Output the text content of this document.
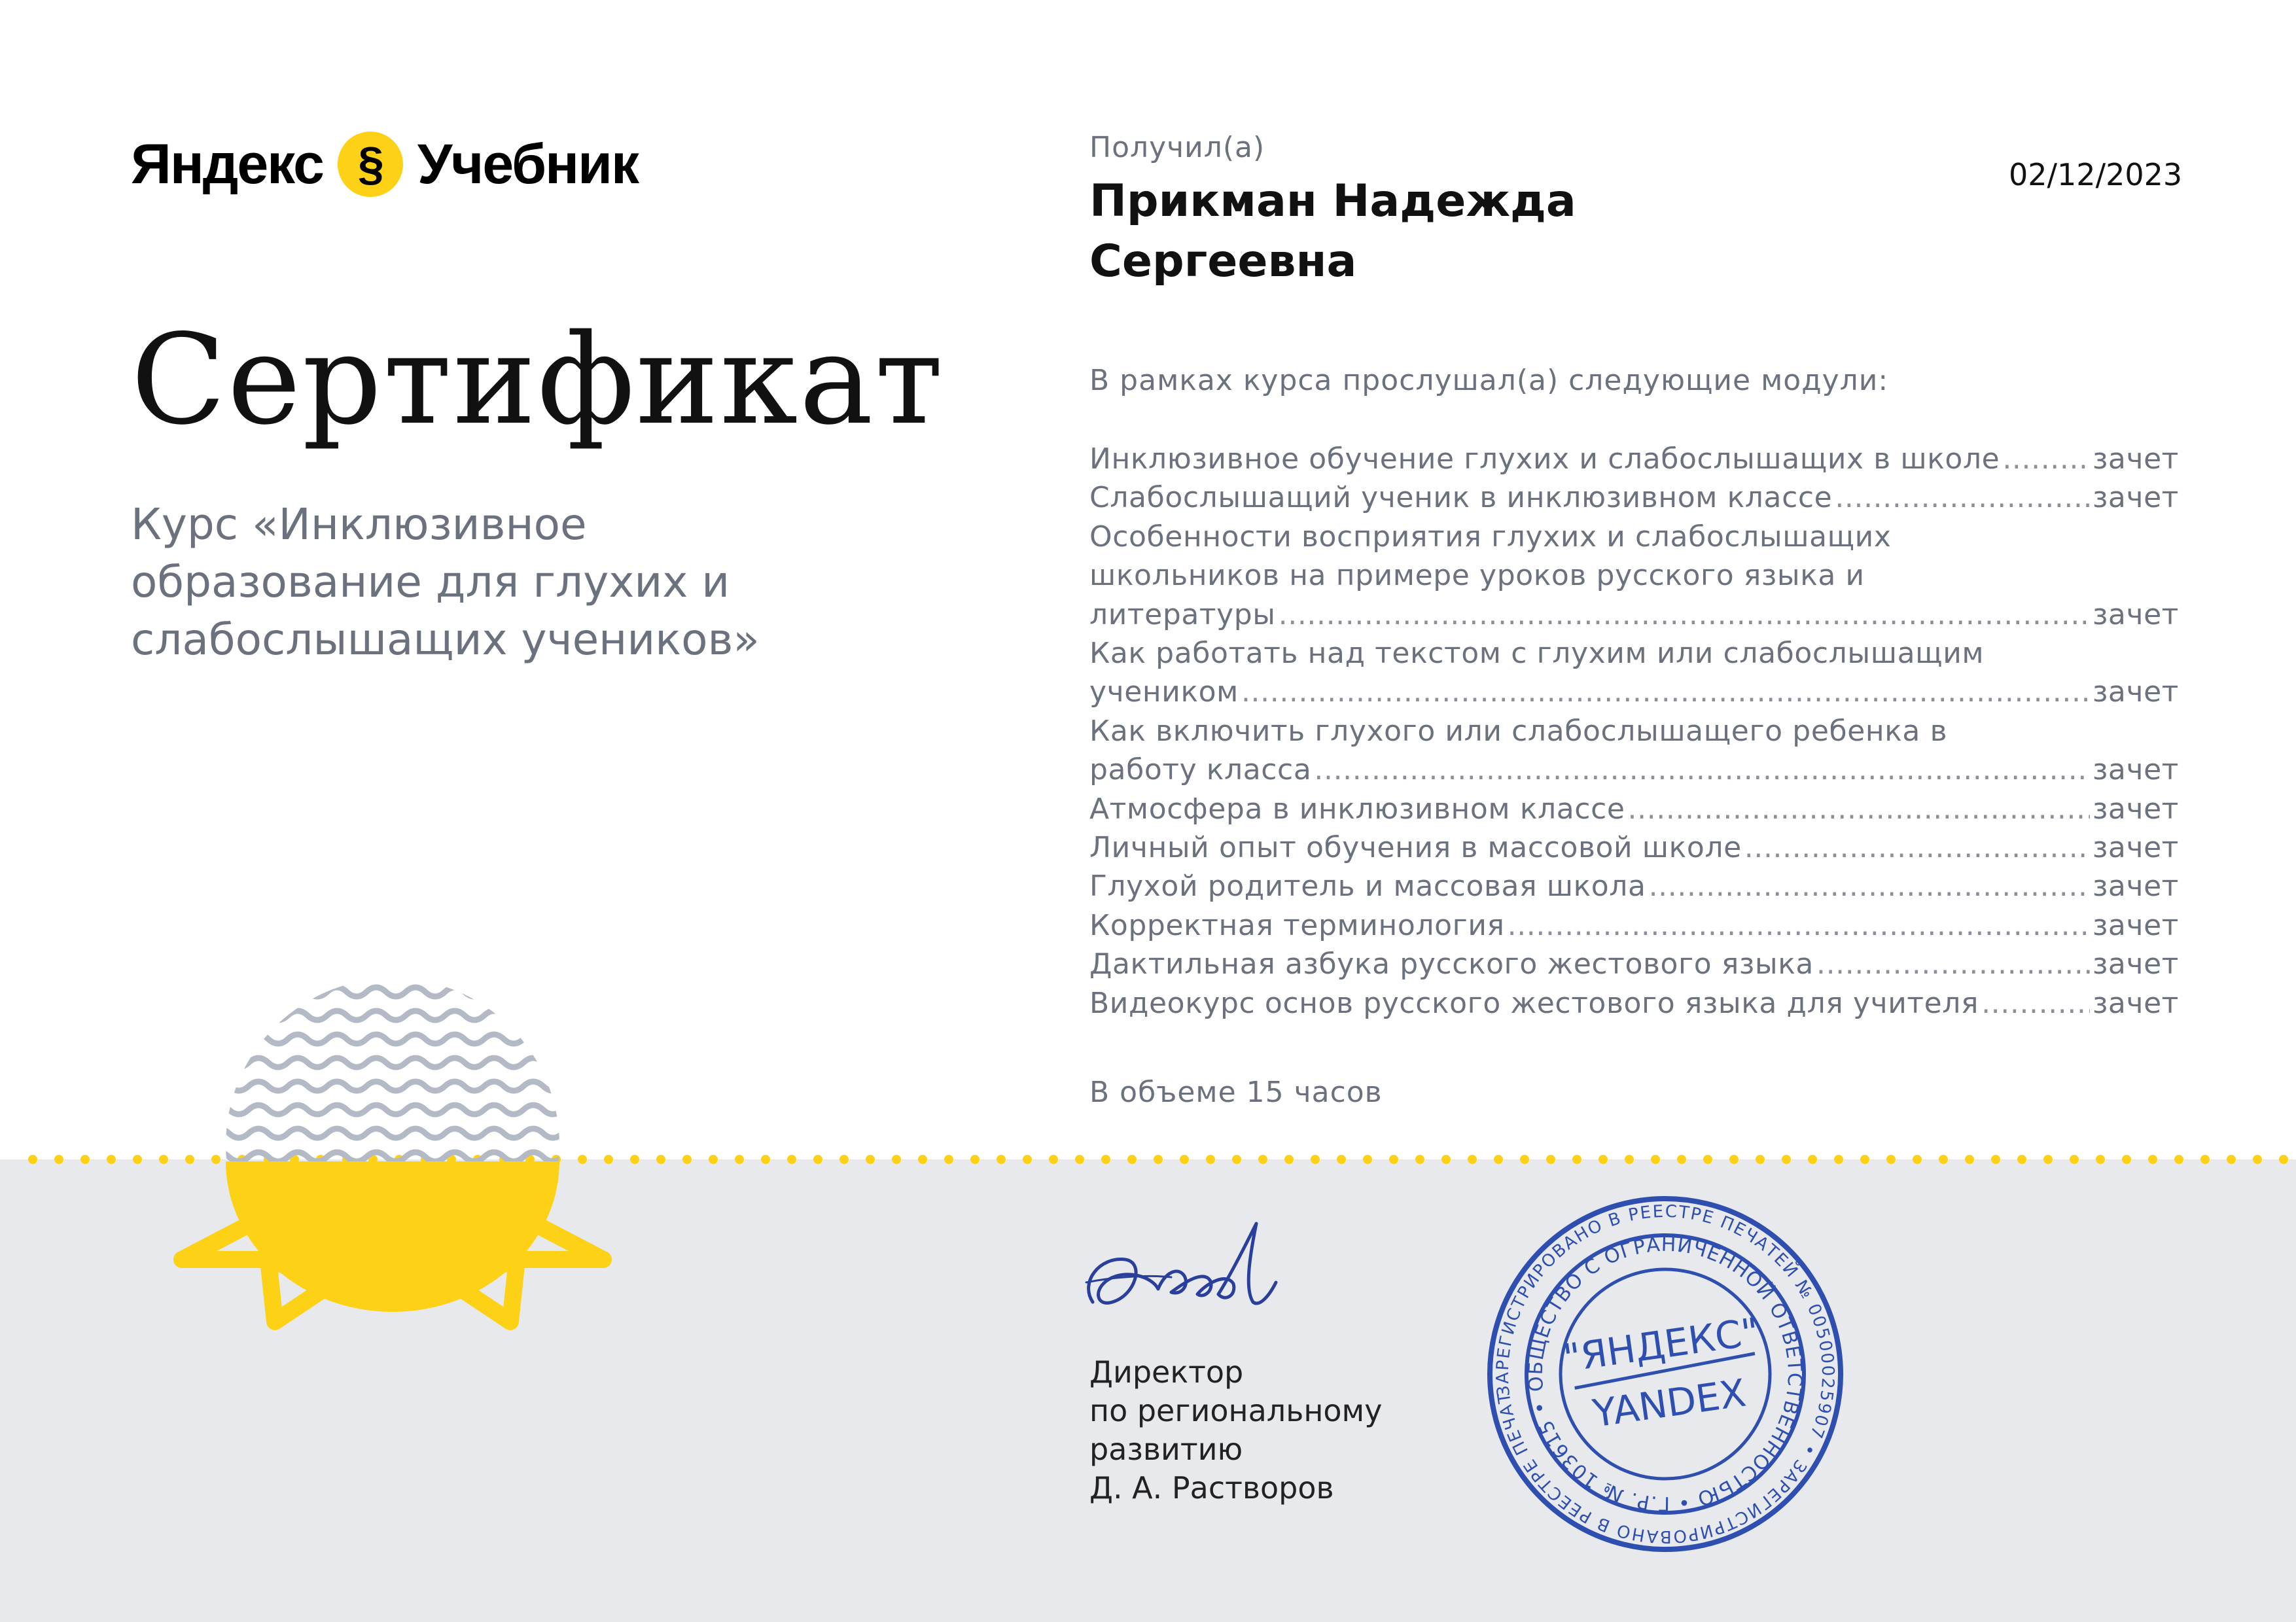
Яндекс § Учебник
Сертификат
Курс «Инклюзивное образование для глухих и слабослышащих учеников»
Получил(а)
02/12/2023
Прикман Надежда
Сергеевна
В рамках курса прослушал(а) следующие модули:
Инклюзивное обучение глухих и слабослышащих в школе .....	зачет
Слабослышащий ученик в инклюзивном классе .....	зачет
Особенности восприятия глухих и слабослышащих
школьников на примере уроков русского языка и
литературы .....	зачет
Как работать над текстом с глухим или слабослышащим
учеником .....	зачет
Как включить глухого или слабослышащего ребенка в
работу класса .....	зачет
Атмосфера в инклюзивном классе .....	зачет
Личный опыт обучения в массовой школе .....	зачет
Глухой родитель и массовая школа .....	зачет
Корректная терминология .....	зачет
Дактильная азбука русского жестового языка .....	зачет
Видеокурс основ русского жестового языка для учителя .....	зачет
В объеме 15 часов
Директор
по региональному
развитию
Д. А. Растворов
ЗАРЕГИСТРИРОВАНО В РЕЕСТРЕ ПЕЧАТЕЙ № 00500025907 • ЗАРЕГИСТРИРОВАНО В РЕЕСТРЕ ПЕЧАТЕЙ
ОБЩЕСТВО С ОГРАНИЧЕННОЙ ОТВЕТСТВЕННОСТЬЮ • Г.Р. № 103615 •
"ЯНДЕКС"
YANDEX
